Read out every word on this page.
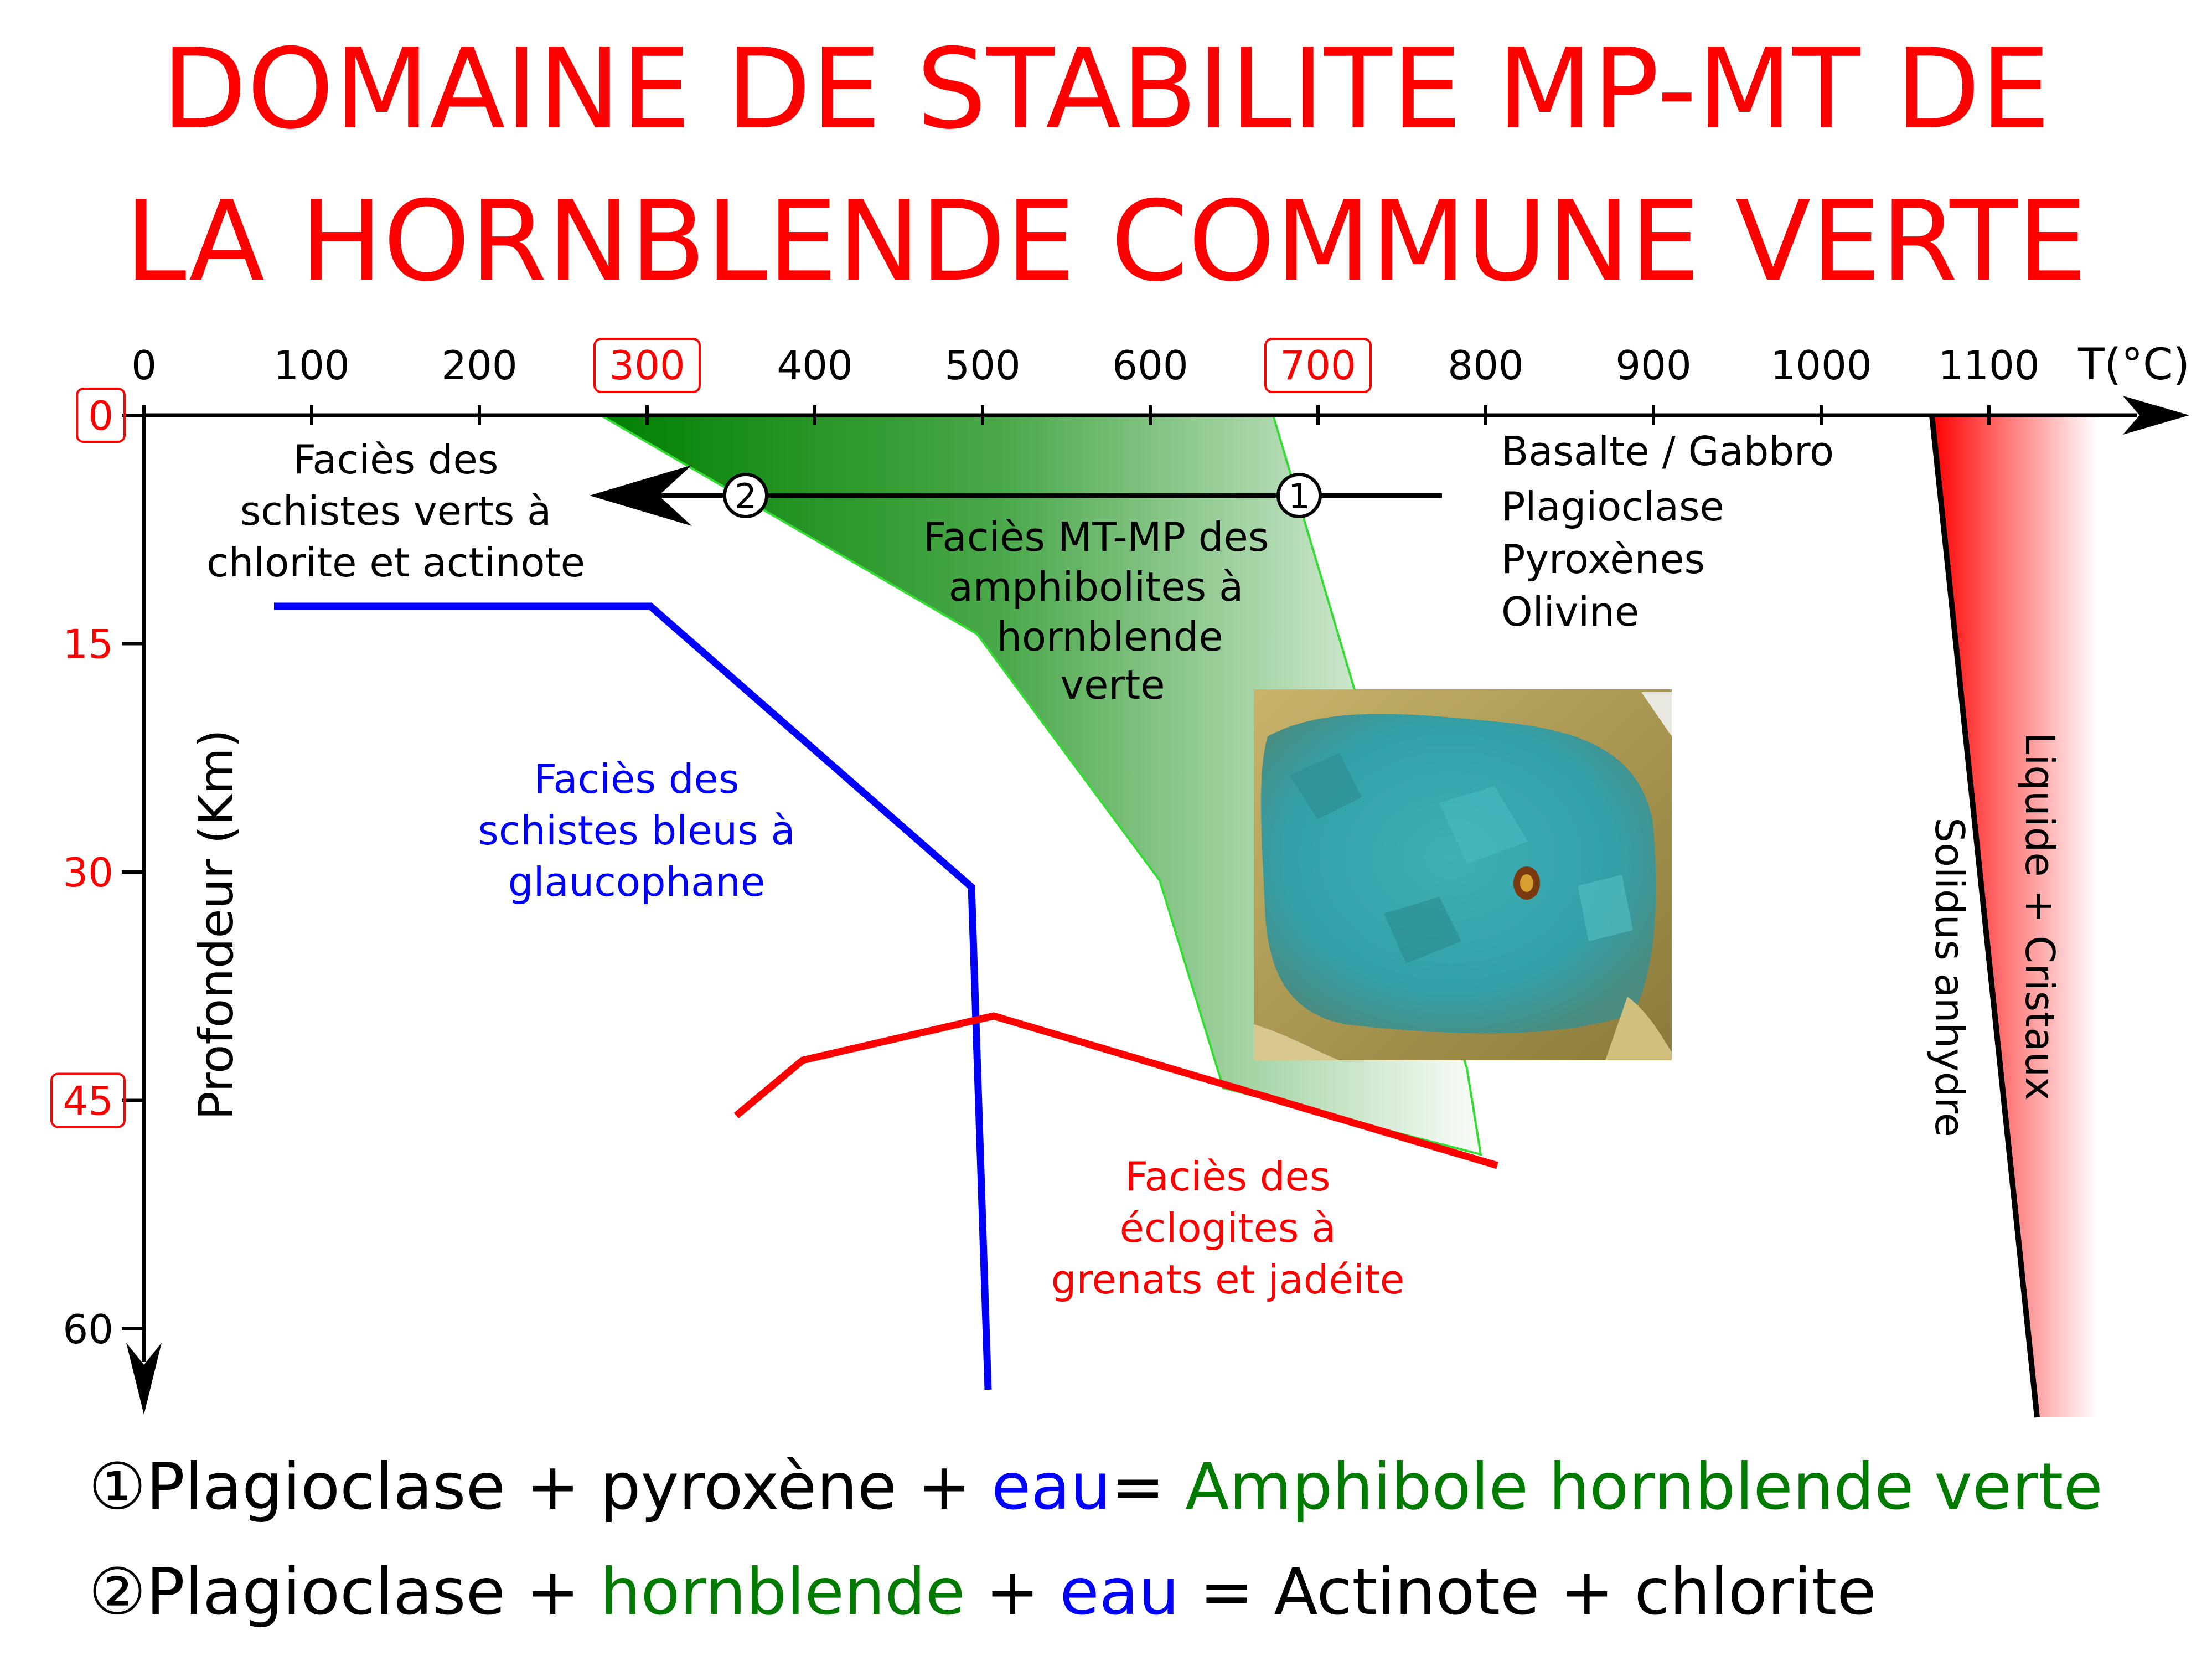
DOMAINE DE STABILITE MP-MT DE
LA HORNBLENDE COMMUNE VERTE
1
2
0	100 200 300 400 500 600 700 800 900 1000 1100
0
15
30
45
60
T(°C)
Profondeur (Km)
Faciès des
schistes verts à
chlorite et actinote
Faciès MT-MP des
amphibolites à
hornblende
verte
Faciès des
schistes bleus à
glaucophane
Faciès des
éclogites à
grenats et jadéite
Basalte / Gabbro
Plagioclase
Pyroxènes
Olivine
Solidus anhydre Liquide + Cristaux
①Plagioclase + pyroxène + eau= Amphibole hornblende verte
②Plagioclase + hornblende + eau = Actinote + chlorite
